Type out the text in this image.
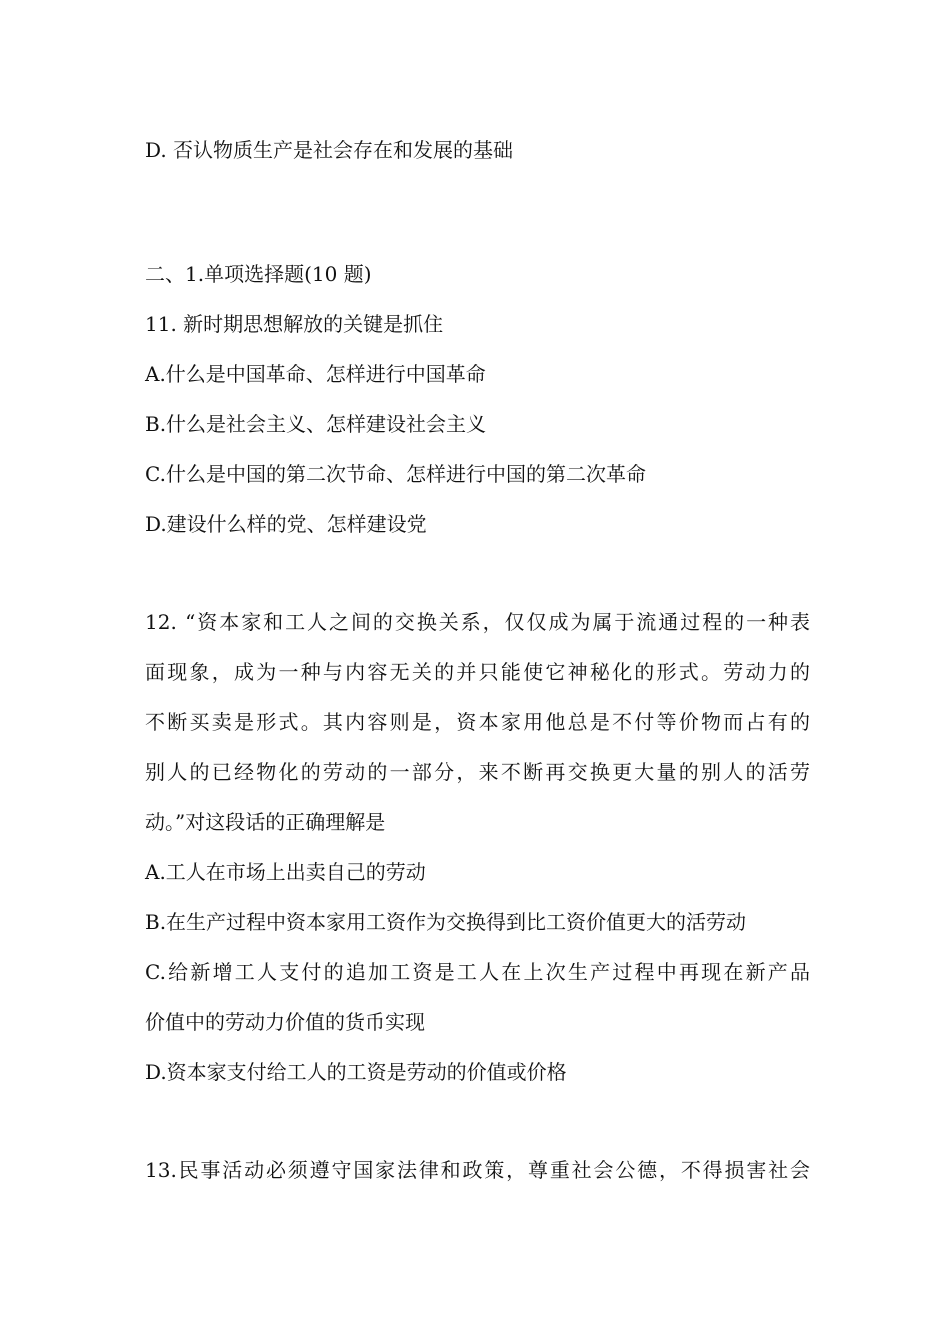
D. 否认物质生产是社会存在和发展的基础
二、1.单项选择题(10 题)
11. 新时期思想解放的关键是抓住
A.什么是中国革命、怎样进行中国革命
B.什么是社会主义、怎样建设社会主义
C.什么是中国的第二次节命、怎样进行中国的第二次革命
D.建设什么样的党、怎样建设党
12. “资本家和工人之间的交换关系，仅仅成为属于流通过程的一种表
面现象，成为一种与内容无关的并只能使它神秘化的形式。劳动力的
不断买卖是形式。其内容则是，资本家用他总是不付等价物而占有的
别人的已经物化的劳动的一部分，来不断再交换更大量的别人的活劳
动。”对这段话的正确理解是
A.工人在市场上出卖自己的劳动
B.在生产过程中资本家用工资作为交换得到比工资价值更大的活劳动
C.给新增工人支付的追加工资是工人在上次生产过程中再现在新产品
价值中的劳动力价值的货币实现
D.资本家支付给工人的工资是劳动的价值或价格
13.民事活动必须遵守国家法律和政策，尊重社会公德，不得损害社会
